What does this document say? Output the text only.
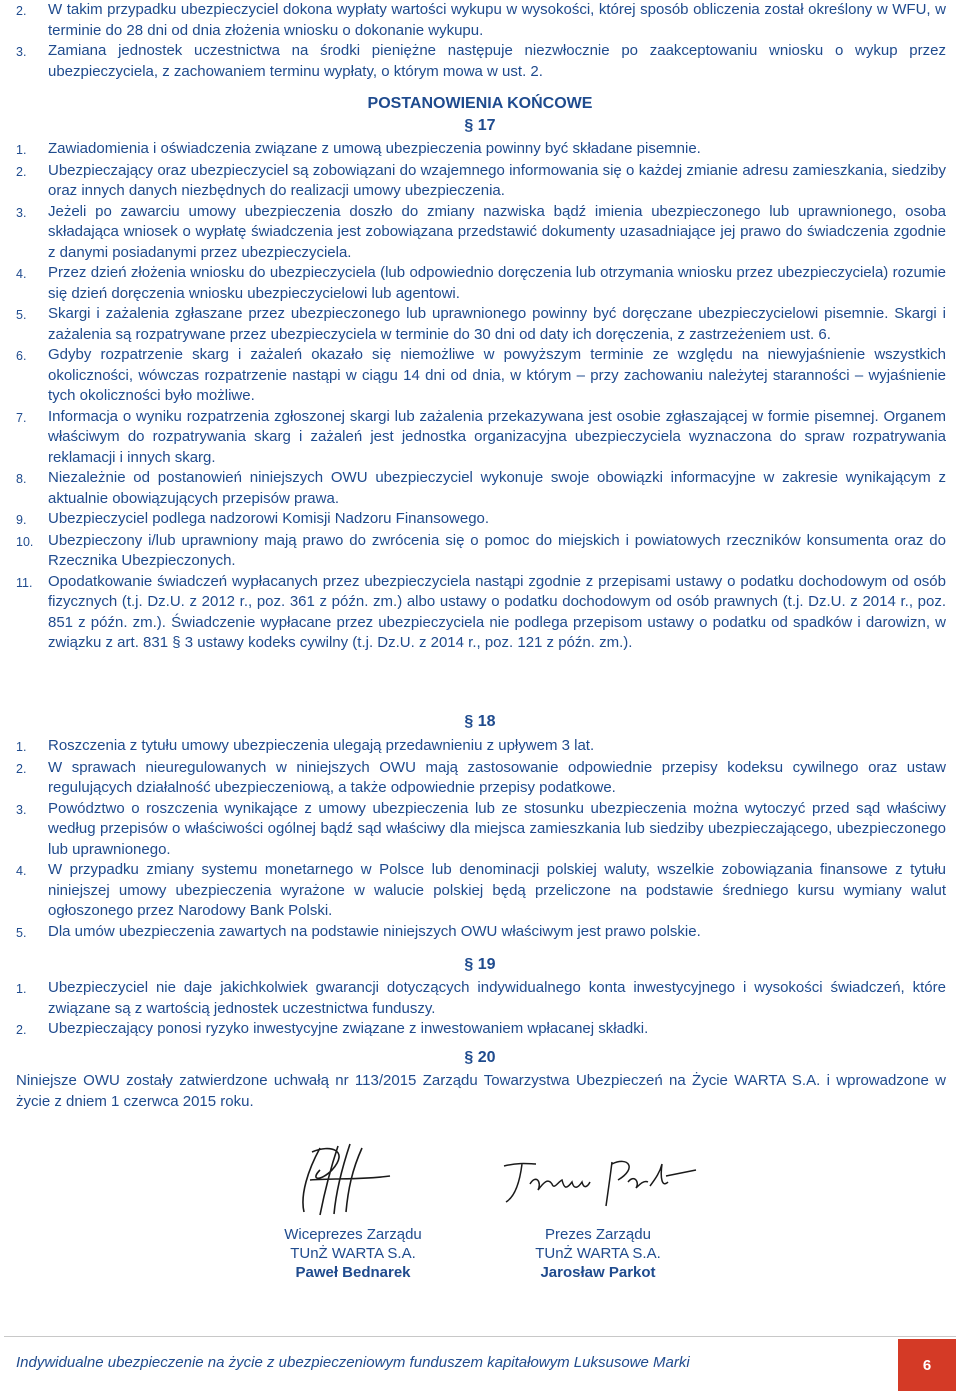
2.	W takim przypadku ubezpieczyciel dokona wypłaty wartości wykupu w wysokości, której sposób obliczenia został określony w WFU, w terminie do 28 dni od dnia złożenia wniosku o dokonanie wykupu.
3.	Zamiana jednostek uczestnictwa na środki pieniężne następuje niezwłocznie po zaakceptowaniu wniosku o wykup przez ubezpieczyciela, z zachowaniem terminu wypłaty, o którym mowa w ust. 2.
POSTANOWIENIA KOŃCOWE
§ 17
1.	Zawiadomienia i oświadczenia związane z umową ubezpieczenia powinny być składane pisemnie.
2.	Ubezpieczający oraz ubezpieczyciel są zobowiązani do wzajemnego informowania się o każdej zmianie adresu zamieszkania, siedziby oraz innych danych niezbędnych do realizacji umowy ubezpieczenia.
3.	Jeżeli po zawarciu umowy ubezpieczenia doszło do zmiany nazwiska bądź imienia ubezpieczonego lub uprawnionego, osoba składająca wniosek o wypłatę świadczenia jest zobowiązana przedstawić dokumenty uzasadniające jej prawo do świadczenia zgodnie z danymi posiadanymi przez ubezpieczyciela.
4.	Przez dzień złożenia wniosku do ubezpieczyciela (lub odpowiednio doręczenia lub otrzymania wniosku przez ubezpieczyciela) rozumie się dzień doręczenia wniosku ubezpieczycielowi lub agentowi.
5.	Skargi i zażalenia zgłaszane przez ubezpieczonego lub uprawnionego powinny być doręczane ubezpieczycielowi pisemnie. Skargi i zażalenia są rozpatrywane przez ubezpieczyciela w terminie do 30 dni od daty ich doręczenia, z zastrzeżeniem ust. 6.
6.	Gdyby rozpatrzenie skarg i zażaleń okazało się niemożliwe w powyższym terminie ze względu na niewyjaśnienie wszystkich okoliczności, wówczas rozpatrzenie nastąpi w ciągu 14 dni od dnia, w którym – przy zachowaniu należytej staranności – wyjaśnienie tych okoliczności było możliwe.
7.	Informacja o wyniku rozpatrzenia zgłoszonej skargi lub zażalenia przekazywana jest osobie zgłaszającej w formie pisemnej. Organem właściwym do rozpatrywania skarg i zażaleń jest jednostka organizacyjna ubezpieczyciela wyznaczona do spraw rozpatrywania reklamacji i innych skarg.
8.	Niezależnie od postanowień niniejszych OWU ubezpieczyciel wykonuje swoje obowiązki informacyjne w zakresie wynikającym z aktualnie obowiązujących przepisów prawa.
9.	Ubezpieczyciel podlega nadzorowi Komisji Nadzoru Finansowego.
10. Ubezpieczony i/lub uprawniony mają prawo do zwrócenia się o pomoc do miejskich i powiatowych rzeczników konsumenta oraz do Rzecznika Ubezpieczonych.
11.	Opodatkowanie świadczeń wypłacanych przez ubezpieczyciela nastąpi zgodnie z przepisami ustawy o podatku dochodowym od osób fizycznych (t.j. Dz.U. z 2012 r., poz. 361 z późn. zm.) albo ustawy o podatku dochodowym od osób prawnych (t.j. Dz.U. z 2014 r., poz. 851 z późn. zm.). Świadczenie wypłacane przez ubezpieczyciela nie podlega przepisom ustawy o podatku od spadków i darowizn, w związku z art. 831 § 3 ustawy kodeks cywilny (t.j. Dz.U. z 2014 r., poz. 121 z późn. zm.).
§ 18
1.	Roszczenia z tytułu umowy ubezpieczenia ulegają przedawnieniu z upływem 3 lat.
2.	W sprawach nieuregulowanych w niniejszych OWU mają zastosowanie odpowiednie przepisy kodeksu cywilnego oraz ustaw regulujących działalność ubezpieczeniową, a także odpowiednie przepisy podatkowe.
3.	Powództwo o roszczenia wynikające z umowy ubezpieczenia lub ze stosunku ubezpieczenia można wytoczyć przed sąd właściwy według przepisów o właściwości ogólnej bądź sąd właściwy dla miejsca zamieszkania lub siedziby ubezpieczającego, ubezpieczonego lub uprawnionego.
4.	W przypadku zmiany systemu monetarnego w Polsce lub denominacji polskiej waluty, wszelkie zobowiązania finansowe z tytułu niniejszej umowy ubezpieczenia wyrażone w walucie polskiej będą przeliczone na podstawie średniego kursu wymiany walut ogłoszonego przez Narodowy Bank Polski.
5.	Dla umów ubezpieczenia zawartych na podstawie niniejszych OWU właściwym jest prawo polskie.
§ 19
1.	Ubezpieczyciel nie daje jakichkolwiek gwarancji dotyczących indywidualnego konta inwestycyjnego i wysokości świadczeń, które związane są z wartością jednostek uczestnictwa funduszy.
2.	Ubezpieczający ponosi ryzyko inwestycyjne związane z inwestowaniem wpłacanej składki.
§ 20
Niniejsze OWU zostały zatwierdzone uchwałą nr 113/2015 Zarządu Towarzystwa Ubezpieczeń na Życie WARTA S.A. i wprowadzone w życie z dniem 1 czerwca 2015 roku.
Wiceprezes Zarządu
TUnŻ WARTA S.A.
Paweł Bednarek
Prezes Zarządu
TUnŻ WARTA S.A.
Jarosław Parkot
Indywidualne ubezpieczenie na życie z ubezpieczeniowym funduszem kapitałowym Luksusowe Marki	6
